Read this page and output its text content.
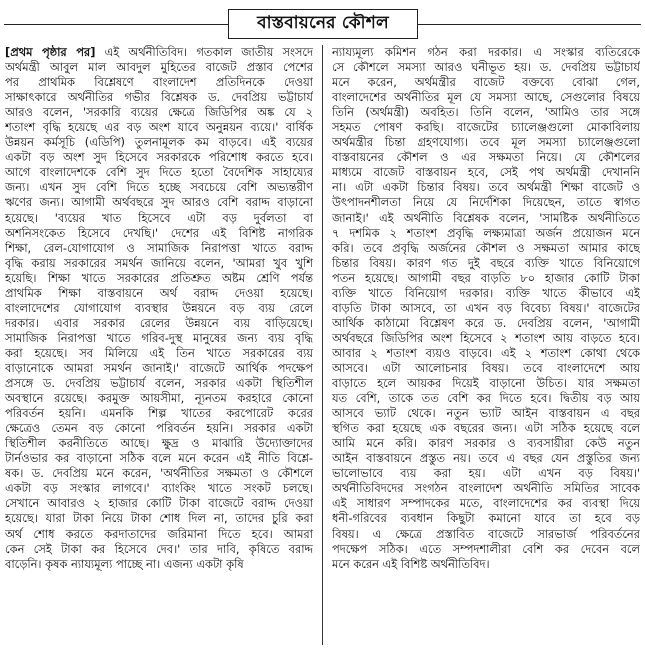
বাস্তবায়নের কৌশল
[প্রথম পৃষ্ঠার পর] এই অর্থনীতিবিদ। গতকাল জাতীয় সংসদে
অর্থমন্ত্রী আবুল মাল আবদুল মুহিতের বাজেট প্রস্তাব পেশের
পর প্রাথমিক বিশ্লেষণে বাংলাদেশ প্রতিদিনকে দেওয়া
সাক্ষাৎকারে অর্থনীতির গভীর বিশ্লেষক ড. দেবপ্রিয় ভট্টাচার্য
আরও বলেন, 'সরকারি ব্যয়ের ক্ষেত্রে জিডিপির অঙ্ক যে ২
শতাংশ বৃদ্ধি হয়েছে এর বড় অংশ যাবে অনুন্নয়ন ব্যয়ে।' বার্ষিক
উন্নয়ন কর্মসূচি (এডিপি) তুলনামূলক কম বাড়বে। এই ব্যয়ের
একটা বড় অংশ সুদ হিসেবে সরকারকে পরিশোধ করতে হবে।
আগে বাংলাদেশকে বেশি সুদ দিতে হতো বৈদেশিক সাহায্যের
জন্য। এখন সুদ বেশি দিতে হচ্ছে সবচেয়ে বেশি অভ্যন্তরীণ
ঋণের জন্য। আগামী অর্থবছরে সুদ আরও বেশি বরাদ্দ বাড়ানো
হয়েছে। 'ব্যয়ের খাত হিসেবে এটা বড় দুর্বলতা বা
অশনিসংকেত হিসেবে দেখছি।' দেশের এই বিশিষ্ট নাগরিক
শিক্ষা, রেল-যোগাযোগ ও সামাজিক নিরাপত্তা খাতে বরাদ্দ
বৃদ্ধি করায় সরকারের সমর্থন জানিয়ে বলেন, 'আমরা খুব খুশি
হয়েছি। শিক্ষা খাতে সরকারের প্রতিশ্রুত অষ্টম শ্রেণি পর্যন্ত
প্রাথমিক শিক্ষা বাস্তবায়নে অর্থ বরাদ্দ দেওয়া হয়েছে।
বাংলাদেশের যোগাযোগ ব্যবস্থার উন্নয়নে বড় ব্যয় রেলে
দরকার। এবার সরকার রেলের উন্নয়নে ব্যয় বাড়িয়েছে।
সামাজিক নিরাপত্তা খাতে গরিব-দুস্থ মানুষের জন্য ব্যয় বৃদ্ধি
করা হয়েছে। সব মিলিয়ে এই তিন খাতে সরকারের ব্যয়
বাড়ানোকে আমরা সমর্থন জানাই।' বাজেটে আর্থিক পদক্ষেপ
প্রসঙ্গে ড. দেবপ্রিয় ভট্টাচার্য বলেন, সরকার একটা স্থিতিশীল
অবস্থানে রয়েছে। করমুক্ত আয়সীমা, ন্যূনতম করহারে কোনো
পরিবর্তন হয়নি। এমনকি শিল্প খাতের করপোরেট করের
ক্ষেত্রেও তেমন বড় কোনো পরিবর্তন হয়নি। সরকার একটা
স্থিতিশীল করনীতিতে আছে। ক্ষুদ্র ও মাঝারি উদ্যোক্তাদের
টার্নওভার কর বাড়ানো সঠিক বলে মনে করেন এই নীতি বিশ্লে-
ষক। ড. দেবপ্রিয় মনে করেন, 'অর্থনীতির সক্ষমতা ও কৌশলে
একটা বড় সংস্কার লাগবে।' ব্যাংকিং খাতে সংকট চলছে।
সেখানে আবারও ২ হাজার কোটি টাকা বাজেটে বরাদ্দ দেওয়া
হয়েছে। যারা টাকা নিয়ে টাকা শোধ দিল না, তাদের চুরি করা
অর্থ শোধ করতে করদাতাদের জরিমানা দিতে হবে। আমরা
কেন সেই টাকা কর হিসেবে দেব।' তার দাবি, কৃষিতে বরাদ্দ
বাড়েনি। কৃষক ন্যায্যমূল্য পাচ্ছে না। এজন্য একটা কৃষি
ন্যায্যমূল্য কমিশন গঠন করা দরকার। এ সংস্কার ব্যতিরেকে
সে কৌশলে সমস্যা আরও ঘনীভূত হয়। ড. দেবপ্রিয় ভট্টাচার্য
মনে করেন, অর্থমন্ত্রীর বাজেট বক্তব্যে বোঝা গেল,
বাংলাদেশের অর্থনীতির মূল যে সমস্যা আছে, সেগুলোর বিষয়ে
তিনি (অর্থমন্ত্রী) অবহিত। তিনি বলেন, 'আমিও তার সঙ্গে
সহমত পোষণ করছি। বাজেটের চ্যালেঞ্জগুলো মোকাবিলায়
অর্থমন্ত্রীর চিন্তা গ্রহণযোগ্য। তবে মূল সমস্যা চ্যালেঞ্জগুলো
বাস্তবায়নের কৌশল ও এর সক্ষমতা নিয়ে। যে কৌশলের
মাধ্যমে বাজেট বাস্তবায়ন হবে, সেই পথ অর্থমন্ত্রী দেখাননি
না। এটা একটা চিন্তার বিষয়। তবে অর্থমন্ত্রী শিক্ষা বাজেট ও
উৎপাদনশীলতা নিয়ে যে নির্দেশিকা দিয়েছেন, তাতে স্বাগত
জানাই।' এই অর্থনীতি বিশ্লেষক বলেন, 'সামষ্টিক অর্থনীতিতে
৭ দশমিক ২ শতাংশ প্রবৃদ্ধি লক্ষ্যমাত্রা অর্জন প্রয়োজন মনে
করি। তবে প্রবৃদ্ধি অর্জনের কৌশল ও সক্ষমতা আমার কাছে
চিন্তার বিষয়। কারণ গত দুই বছরে ব্যক্তি খাতে বিনিয়োগে
পতন হয়েছে। আগামী বছর বাড়তি ৮০ হাজার কোটি টাকা
ব্যক্তি খাতে বিনিয়োগ দরকার। ব্যক্তি খাতে কীভাবে এই
বাড়তি টাকা আসবে, তা এখন বড় বিবেচ্য বিষয়।' বাজেটের
আর্থিক কাঠামো বিশ্লেষণ করে ড. দেবপ্রিয় বলেন, 'আগামী
অর্থবছরে জিডিপির অংশ হিসেবে ২ শতাংশ আয় বাড়তে হবে।
আবার ২ শতাংশ ব্যয়ও বাড়বে। এই ২ শতাংশ কোথা থেকে
আসবে। এটা আলোচনার বিষয়। তবে বাংলাদেশে আয়
বাড়াতে হলে আয়কর দিয়েই বাড়ানো উচিত। যার সক্ষমতা
যত বেশি, তাকে তত বেশি কর দিতে হবে। দ্বিতীয় বড় আয়
আসবে ভ্যাট থেকে। নতুন ভ্যাট আইন বাস্তবায়ন এ বছর
স্থগিত করা হয়েছে এক বছরের জন্য। এটা সঠিক হয়েছে বলে
আমি মনে করি। কারণ সরকার ও ব্যবসায়ীরা কেউ নতুন
আইন বাস্তবায়নে প্রস্তুত নয়। তবে এ বছর যেন প্রস্তুতির জন্য
ভালোভাবে ব্যয় করা হয়। এটা এখন বড় বিষয়।'
অর্থনীতিবিদদের সংগঠন বাংলাদেশ অর্থনীতি সমিতির সাবেক
এই সাধারণ সম্পাদকের মতে, বাংলাদেশের কর ব্যবস্থা দিয়ে
ধনী-গরিবের ব্যবধান কিছুটা কমানো যাবে তা হবে বড়
বিষয়। এ ক্ষেত্রে প্রস্তাবিত বাজেটে সারভার্জ পরিবর্তনের
পদক্ষেপ সঠিক। এতে সম্পদশালীরা বেশি কর দেবেন বলে
মনে করেন এই বিশিষ্ট অর্থনীতিবিদ।
